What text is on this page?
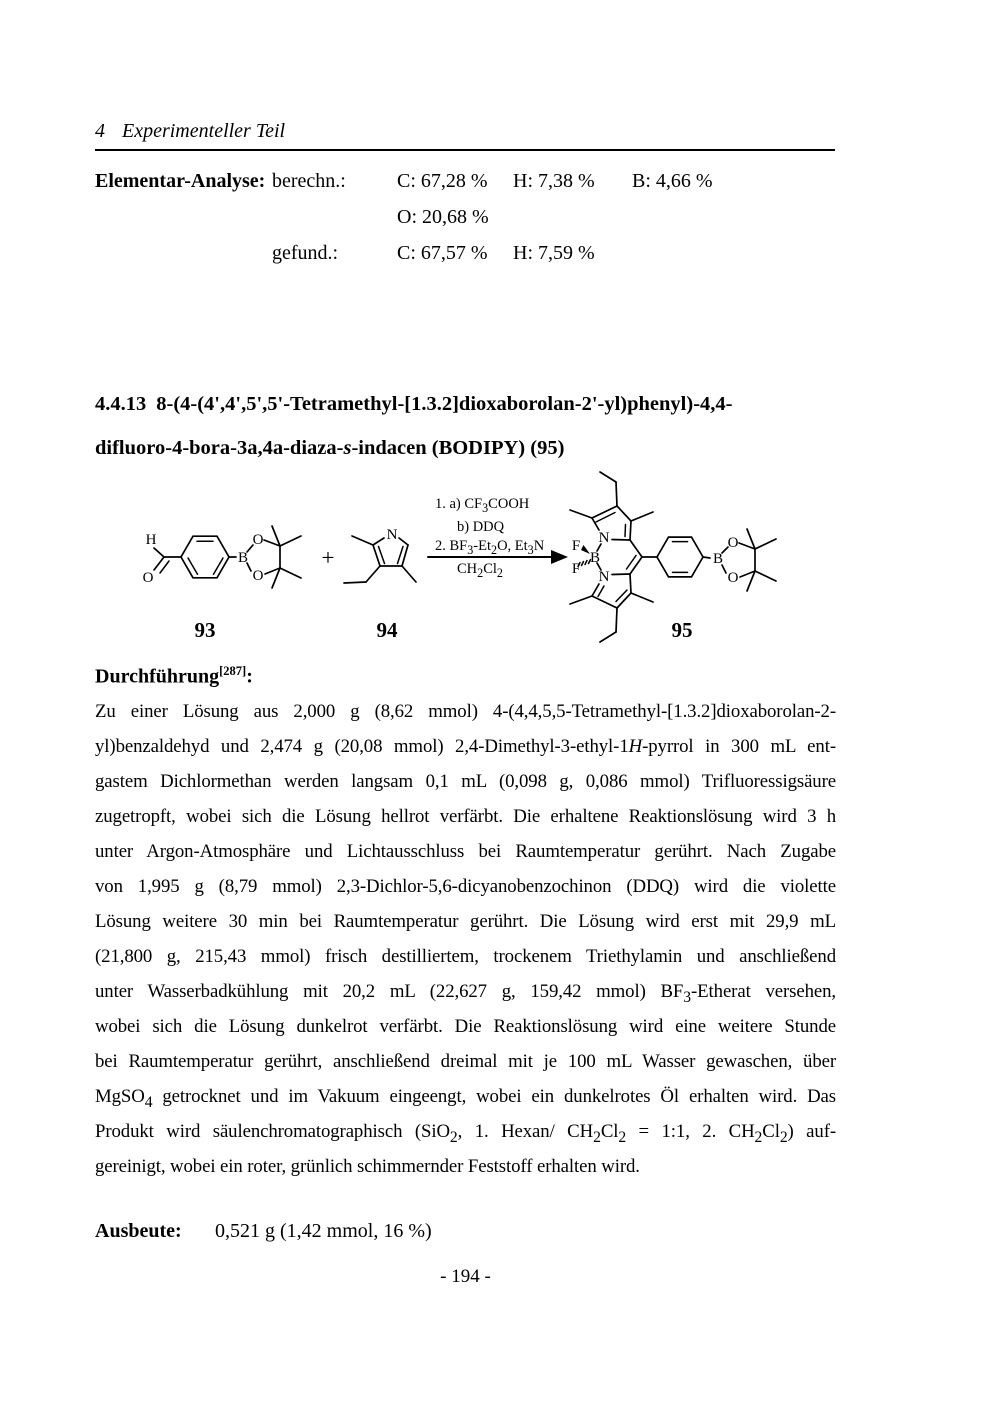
4 Experimenteller Teil
Elementar-Analyse: berechn.:	C: 67,28 % H: 7,38 % B: 4,66 %
O: 20,68 %
gefund.:	C: 67,57 % H: 7,59 %
4.4.13 8-(4-(4',4',5',5'-Tetramethyl-[1.3.2]dioxaborolan-2'-yl)phenyl)-4,4-
difluoro-4-bora-3a,4a-diaza-s-indacen (BODIPY) (95)
H
O
B
O
O
+
N	N
B
F
F N
B
O
O
93	94	95
1. a) $CF_3COOH$
b) DDQ
2. $BF_3-Et_2O$, $Et_3N$
$CH_2Cl_2$
Durchführung[287]:
Zu einer Lösung aus 2,000 g (8,62 mmol) 4-(4,4,5,5-Tetramethyl-[1.3.2]dioxaborolan-2-
yl)benzaldehyd und 2,474 g (20,08 mmol) 2,4-Dimethyl-3-ethyl-1H-pyrrol in 300 mL ent-
gastem Dichlormethan werden langsam 0,1 mL (0,098 g, 0,086 mmol) Trifluoressigsäure
zugetropft, wobei sich die Lösung hellrot verfärbt. Die erhaltene Reaktionslösung wird 3 h
unter Argon-Atmosphäre und Lichtausschluss bei Raumtemperatur gerührt. Nach Zugabe
von 1,995 g (8,79 mmol) 2,3-Dichlor-5,6-dicyanobenzochinon (DDQ) wird die violette
Lösung weitere 30 min bei Raumtemperatur gerührt. Die Lösung wird erst mit 29,9 mL
(21,800 g, 215,43 mmol) frisch destilliertem, trockenem Triethylamin und anschließend
unter Wasserbadkühlung mit 20,2 mL (22,627 g, 159,42 mmol) $BF_3$-Etherat versehen,
wobei sich die Lösung dunkelrot verfärbt. Die Reaktionslösung wird eine weitere Stunde
bei Raumtemperatur gerührt, anschließend dreimal mit je 100 mL Wasser gewaschen, über
MgSO$_4$ getrocknet und im Vakuum eingeengt, wobei ein dunkelrotes Öl erhalten wird. Das
Produkt wird säulenchromatographisch (SiO$_2$, 1. Hexan/ $CH_2Cl_2$ = 1:1, 2. $CH_2Cl_2$) auf-
gereinigt, wobei ein roter, grünlich schimmernder Feststoff erhalten wird.
Ausbeute: 0,521 g (1,42 mmol, 16 %)
- 194 -
